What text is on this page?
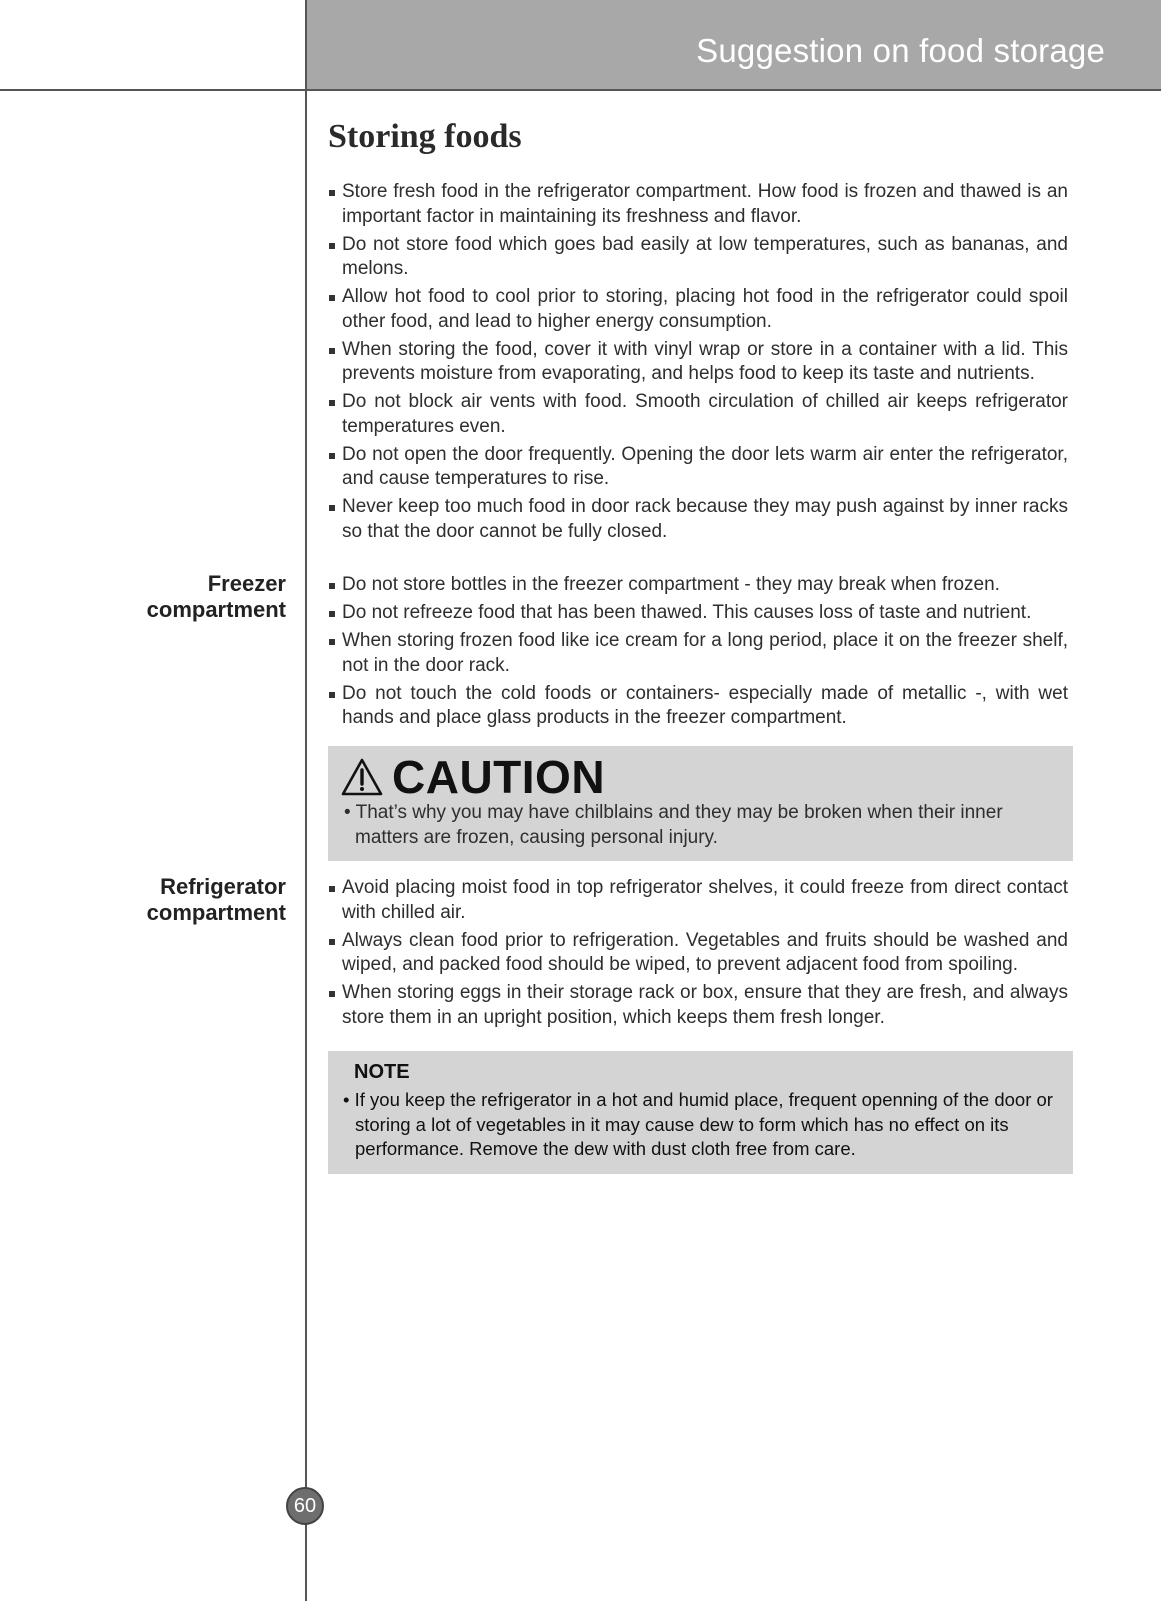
Suggestion on food storage
Storing foods
Store fresh food in the refrigerator compartment. How food is frozen and thawed is an important factor in maintaining its freshness and flavor.
Do not store food which goes bad easily at low temperatures, such as bananas, and melons.
Allow hot food to cool prior to storing, placing hot food in the refrigerator could spoil other food, and lead to higher energy consumption.
When storing the food, cover it with vinyl wrap or store in a container with a lid. This prevents moisture from evaporating, and helps food to keep its taste and nutrients.
Do not block air vents with food. Smooth circulation of chilled air keeps refrigerator temperatures even.
Do not open the door frequently. Opening the door lets warm air enter the refrigerator, and cause temperatures to rise.
Never keep too much food in door rack because they may push against by inner racks so that the door cannot be fully closed.
Freezer
compartment
Do not store bottles in the freezer compartment - they may break when frozen.
Do not refreeze food that has been thawed. This causes loss of taste and nutrient.
When storing frozen food like ice cream for a long period, place it on the freezer shelf, not in the door rack.
Do not touch the cold foods or containers- especially made of metallic -, with wet hands and place glass products in the freezer compartment.
CAUTION
• That’s why you may have chilblains and they may be broken when their inner matters are frozen, causing personal injury.
Refrigerator
compartment
Avoid placing moist food in top refrigerator shelves, it could freeze from direct contact with chilled air.
Always clean food prior to refrigeration. Vegetables and fruits should be washed and wiped, and packed food should be wiped, to prevent adjacent food from spoiling.
When storing eggs in their storage rack or box, ensure that they are fresh, and always store them in an upright position, which keeps them fresh longer.
NOTE
• If you keep the refrigerator in a hot and humid place, frequent openning of the door or storing a lot of vegetables in it may cause dew to form which has no effect on its performance. Remove the dew with dust cloth free from care.
60
